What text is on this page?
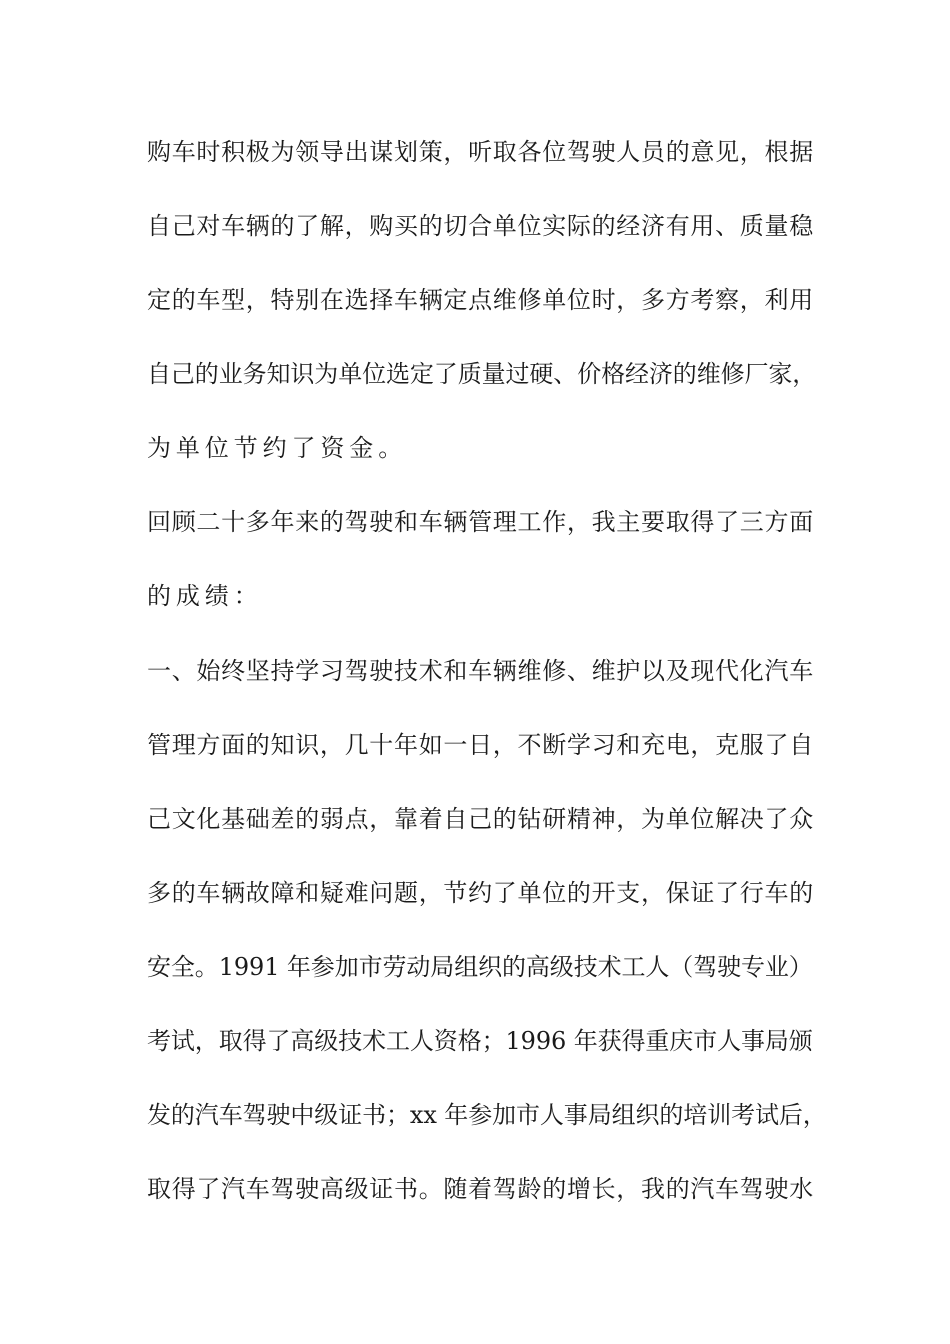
购车时积极为领导出谋划策，听取各位驾驶人员的意见，根据
自己对车辆的了解，购买的切合单位实际的经济有用、质量稳
定的车型，特别在选择车辆定点维修单位时，多方考察，利用
自己的业务知识为单位选定了质量过硬、价格经济的维修厂家，
为单位节约了资金。
回顾二十多年来的驾驶和车辆管理工作，我主要取得了三方面
的成绩：
一、始终坚持学习驾驶技术和车辆维修、维护以及现代化汽车
管理方面的知识，几十年如一日，不断学习和充电，克服了自
己文化基础差的弱点，靠着自己的钻研精神，为单位解决了众
多的车辆故障和疑难问题，节约了单位的开支，保证了行车的
安全。1991 年参加市劳动局组织的高级技术工人（驾驶专业）
考试，取得了高级技术工人资格；1996 年获得重庆市人事局颁
发的汽车驾驶中级证书；xx 年参加市人事局组织的培训考试后，
取得了汽车驾驶高级证书。随着驾龄的增长，我的汽车驾驶水
